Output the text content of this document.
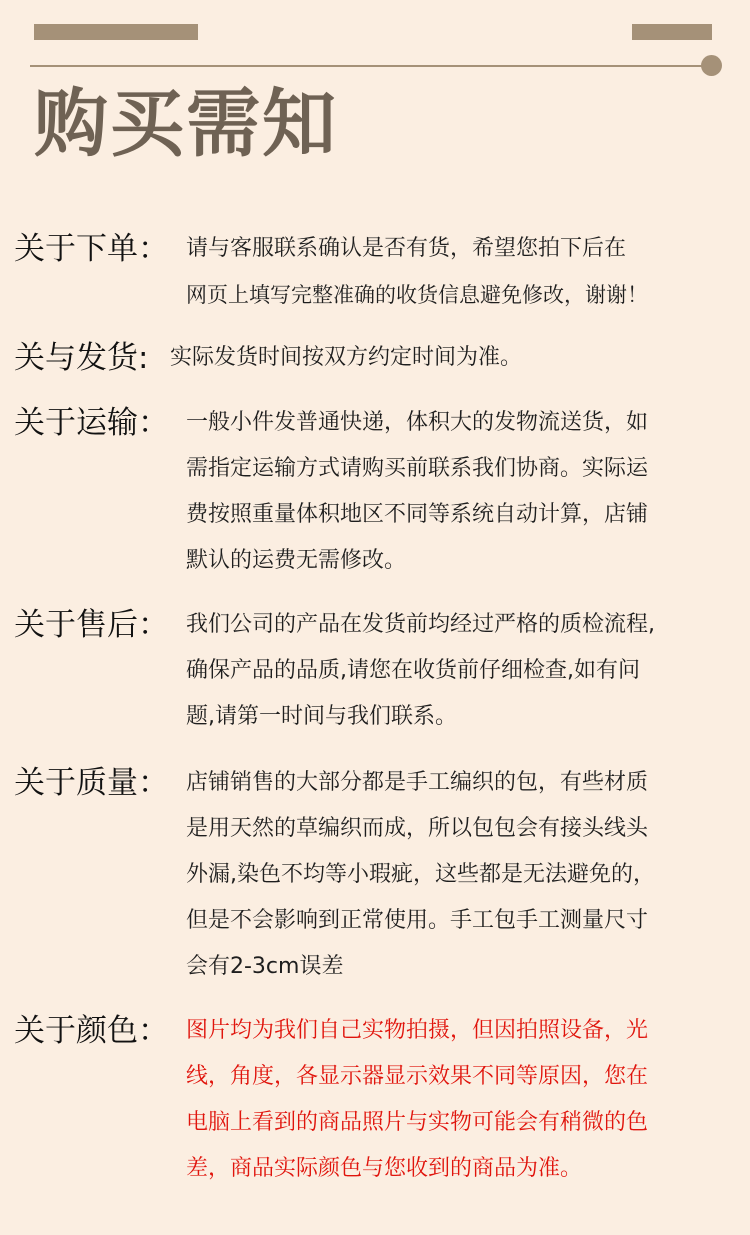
购买需知
关于下单： 请与客服联系确认是否有货，希望您拍下后在
网页上填写完整准确的收货信息避免修改，谢谢！
关与发货: 实际发货时间按双方约定时间为准。
关于运输： 一般小件发普通快递，体积大的发物流送货，如
需指定运输方式请购买前联系我们协商。实际运
费按照重量体积地区不同等系统自动计算，店铺
默认的运费无需修改。
关于售后： 我们公司的产品在发货前均经过严格的质检流程,
确保产品的品质,请您在收货前仔细检查,如有问
题,请第一时间与我们联系。
关于质量： 店铺销售的大部分都是手工编织的包，有些材质
是用天然的草编织而成，所以包包会有接头线头
外漏,染色不均等小瑕疵，这些都是无法避免的，
但是不会影响到正常使用。手工包手工测量尺寸
会有2-3cm误差
关于颜色： 图片均为我们自己实物拍摄，但因拍照设备，光
线，角度，各显示器显示效果不同等原因，您在
电脑上看到的商品照片与实物可能会有稍微的色
差，商品实际颜色与您收到的商品为准。
